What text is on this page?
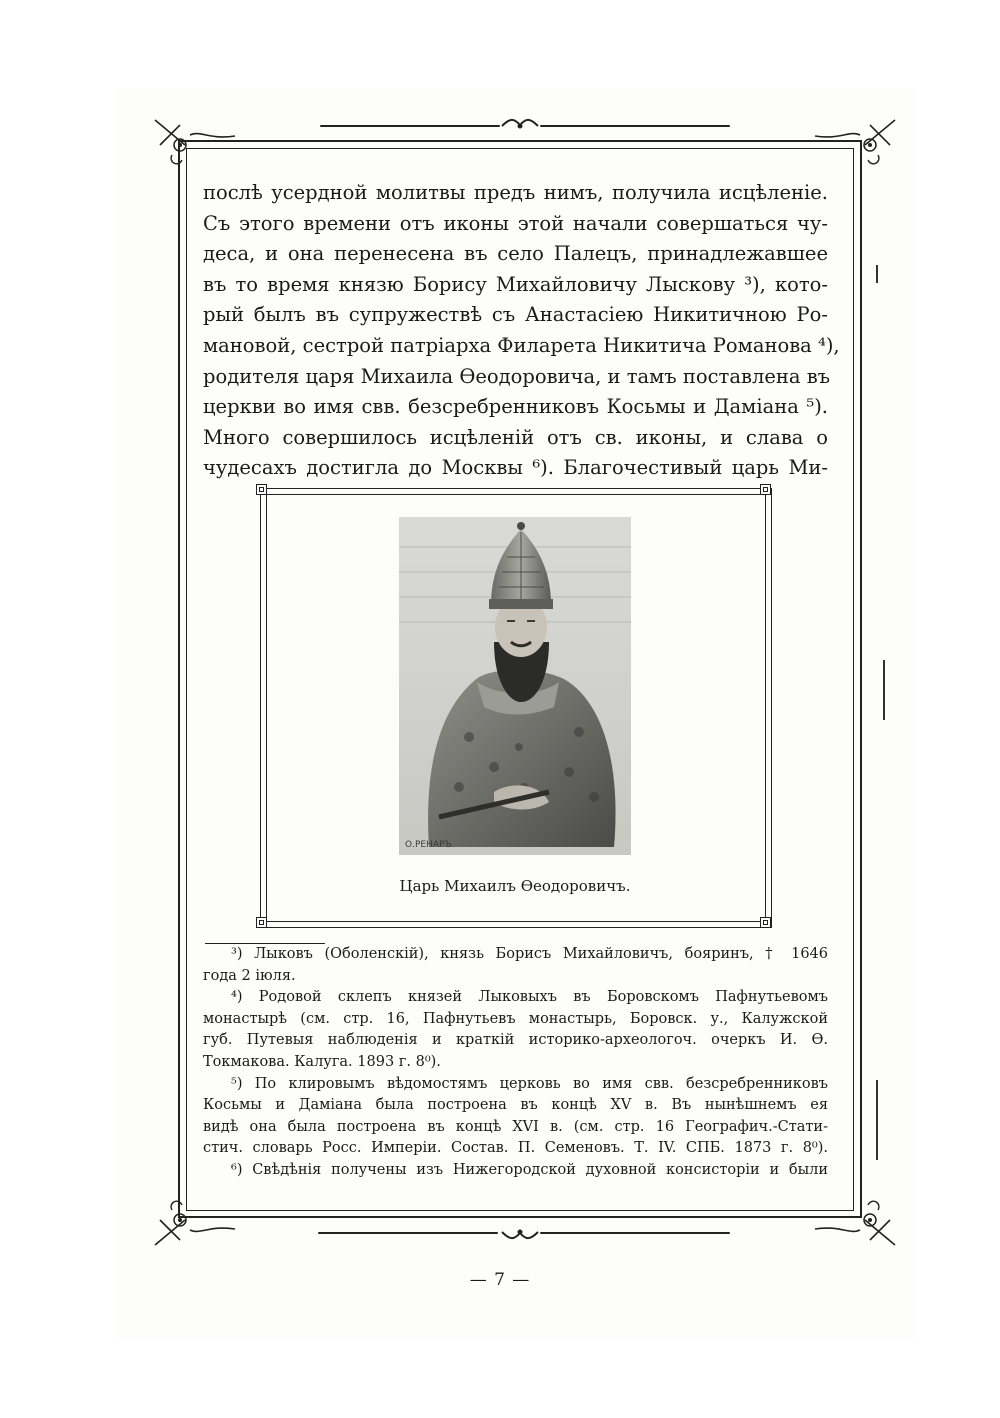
послѣ усердной молитвы предъ нимъ, получила исцѣленіе.
Съ этого времени отъ иконы этой начали совершаться чу-
деса, и она перенесена въ село Палецъ, принадлежавшее
въ то время князю Борису Михайловичу Лыскову ³), кото-
рый былъ въ супружествѣ съ Анастасіею Никитичною Ро-
мановой, сестрой патріарха Филарета Никитича Романова ⁴),
родителя царя Михаила Өеодоровича, и тамъ поставлена въ
церкви во имя свв. безсребренниковъ Косьмы и Даміана ⁵).
Много совершилось исцѣленій отъ св. иконы, и слава о
чудесахъ достигла до Москвы ⁶). Благочестивый царь Ми-
О.РЕНАРЪ
Царь Михаилъ Өеодоровичъ.
³) Лыковъ (Оболенскій), князь Борисъ Михайловичъ, бояринъ, † 1646
года 2 іюля.
⁴) Родовой склепъ князей Лыковыхъ въ Боровскомъ Пафнутьевомъ
монастырѣ (см. стр. 16, Пафнутьевъ монастырь, Боровск. у., Калужской
губ. Путевыя наблюденія и краткій историко-археологоч. очеркъ И. Ө.
Токмакова. Калуга. 1893 г. 8⁰).
⁵) По клировымъ вѣдомостямъ церковь во имя свв. безсребренниковъ
Косьмы и Даміана была построена въ концѣ XV в. Въ нынѣшнемъ ея
видѣ она была построена въ концѣ XVI в. (см. стр. 16 Географич.-Стати-
стич. словарь Росс. Имперіи. Состав. П. Семеновъ. Т. IV. СПБ. 1873 г. 8⁰).
⁶) Свѣдѣнія получены изъ Нижегородской духовной консисторіи и были
— 7 —
